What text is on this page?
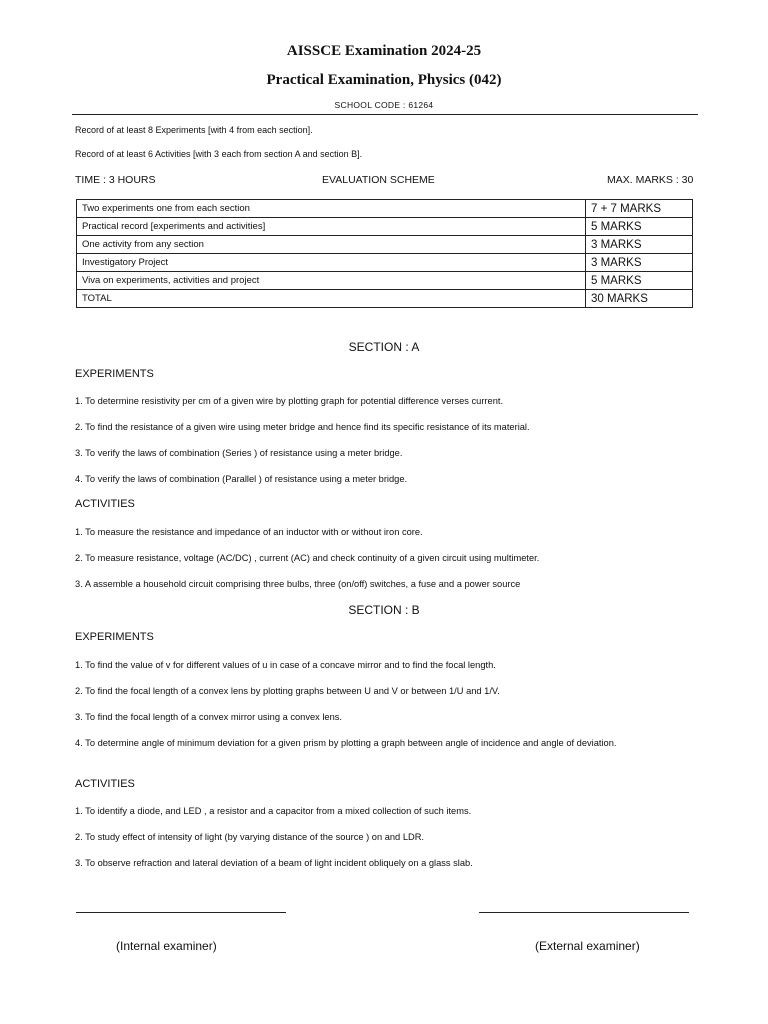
AISSCE Examination 2024-25
Practical Examination, Physics (042)
SCHOOL CODE : 61264
Record of at least 8 Experiments [with 4 from each section].
Record of at least 6 Activities [with 3 each from section A and section B].
TIME : 3 HOURS	EVALUATION SCHEME	MAX. MARKS : 30
Two experiments one from each section	7 + 7 MARKS
Practical record [experiments and activities]	5 MARKS
One activity from any section	3 MARKS
Investigatory Project	3 MARKS
Viva on experiments, activities and project	5 MARKS
TOTAL	30 MARKS
SECTION : A
EXPERIMENTS
1. To determine resistivity per cm of a given wire by plotting graph for potential difference verses current.
2. To find the resistance of a given wire using meter bridge and hence find its specific resistance of its material.
3. To verify the laws of combination (Series ) of resistance using a meter bridge.
4. To verify the laws of combination (Parallel ) of resistance using a meter bridge.
ACTIVITIES
1. To measure the resistance and impedance of an inductor with or without iron core.
2. To measure resistance, voltage (AC/DC) , current (AC) and check continuity of a given circuit using multimeter.
3. A assemble a household circuit comprising three bulbs, three (on/off) switches, a fuse and a power source
SECTION : B
EXPERIMENTS
1. To find the value of v for different values of u in case of a concave mirror and to find the focal length.
2. To find the focal length of a convex lens by plotting graphs between U and V or between 1/U and 1/V.
3. To find the focal length of a convex mirror using a convex lens.
4. To determine angle of minimum deviation for a given prism by plotting a graph between angle of incidence and angle of deviation.
ACTIVITIES
1. To identify a diode, and LED , a resistor and a capacitor from a mixed collection of such items.
2. To study effect of intensity of light (by varying distance of the source ) on and LDR.
3. To observe refraction and lateral deviation of a beam of light incident obliquely on a glass slab.
(Internal examiner)	(External examiner)
